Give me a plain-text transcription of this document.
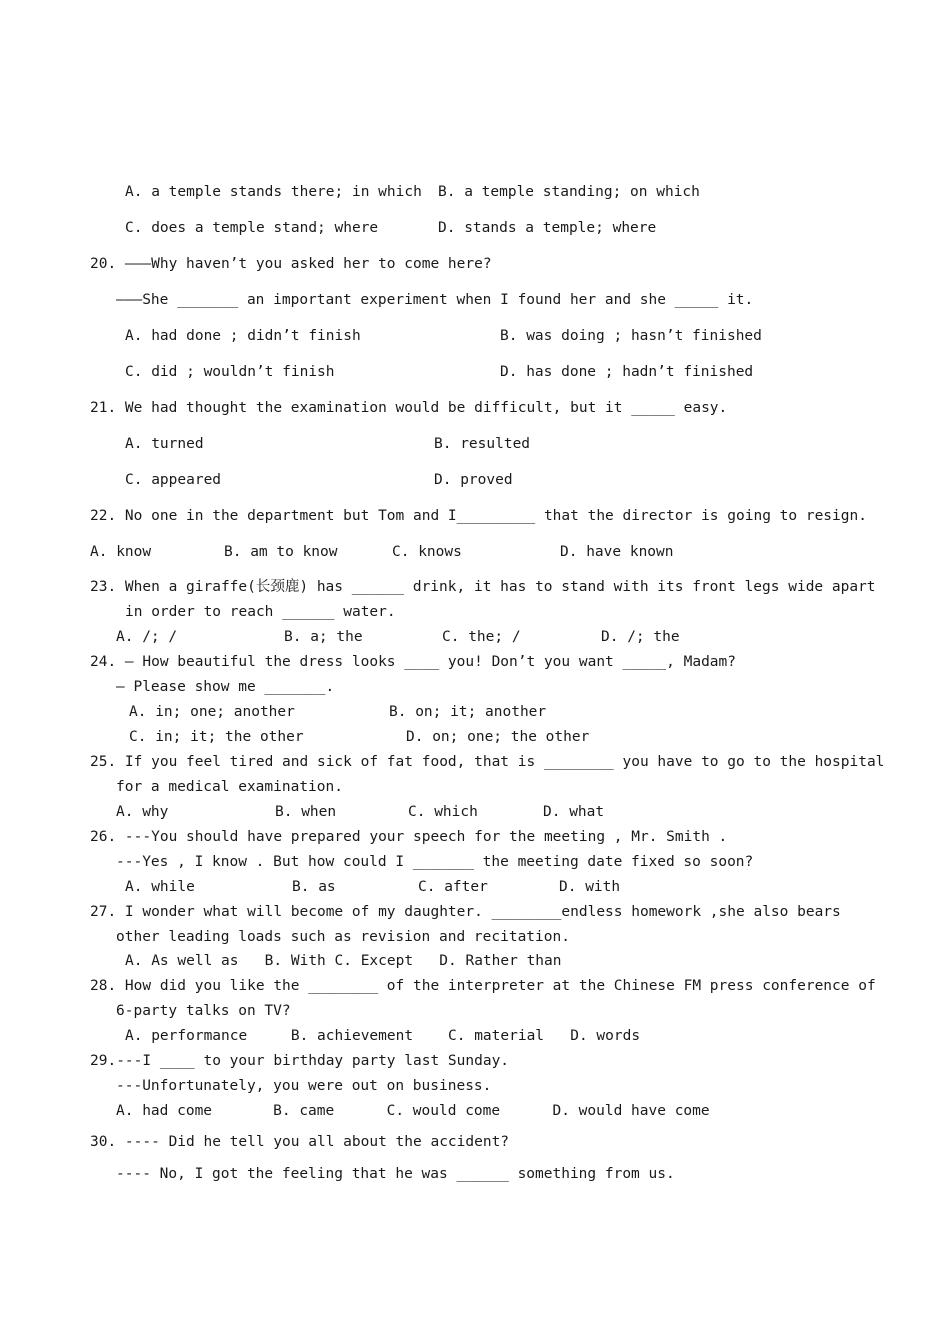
A. a temple stands there; in which B. a temple standing; on which
C. does a temple stand; where	D. stands a temple; where
20. ———Why haven’t you asked her to come here?
———She _______ an important experiment when I found her and she _____ it.
A. had done ; didn’t finish	B. was doing ; hasn’t finished
C. did ; wouldn’t finish	D. has done ; hadn’t finished
21. We had thought the examination would be difficult, but it _____ easy.
A. turned	B. resulted
C. appeared	D. proved
22. No one in the department but Tom and I_________ that the director is going to resign.
A. know	B. am to know	C. knows	D. have known
23. When a giraffe(长颈鹿) has ______ drink, it has to stand with its front legs wide apart
in order to reach ______ water.
A. /; /	B. a; the	C. the; /	D. /; the
24. — How beautiful the dress looks ____ you! Don’t you want _____, Madam?
— Please show me _______.
A. in; one; another	B. on; it; another
C. in; it; the other	D. on; one; the other
25. If you feel tired and sick of fat food, that is ________ you have to go to the hospital
for a medical examination.
A. why	B. when	C. which	D. what
26. ---You should have prepared your speech for the meeting , Mr. Smith .
---Yes , I know . But how could I _______ the meeting date fixed so soon?
A. while	B. as	C. after	D. with
27. I wonder what will become of my daughter. ________endless homework ,she also bears
other leading loads such as revision and recitation.
A. As well as   B. With C. Except   D. Rather than
28. How did you like the ________ of the interpreter at the Chinese FM press conference of
6-party talks on TV?
A. performance     B. achievement    C. material   D. words
29.---I ____ to your birthday party last Sunday.
---Unfortunately, you were out on business.
A. had come       B. came      C. would come      D. would have come
30. ---- Did he tell you all about the accident?
---- No, I got the feeling that he was ______ something from us.
